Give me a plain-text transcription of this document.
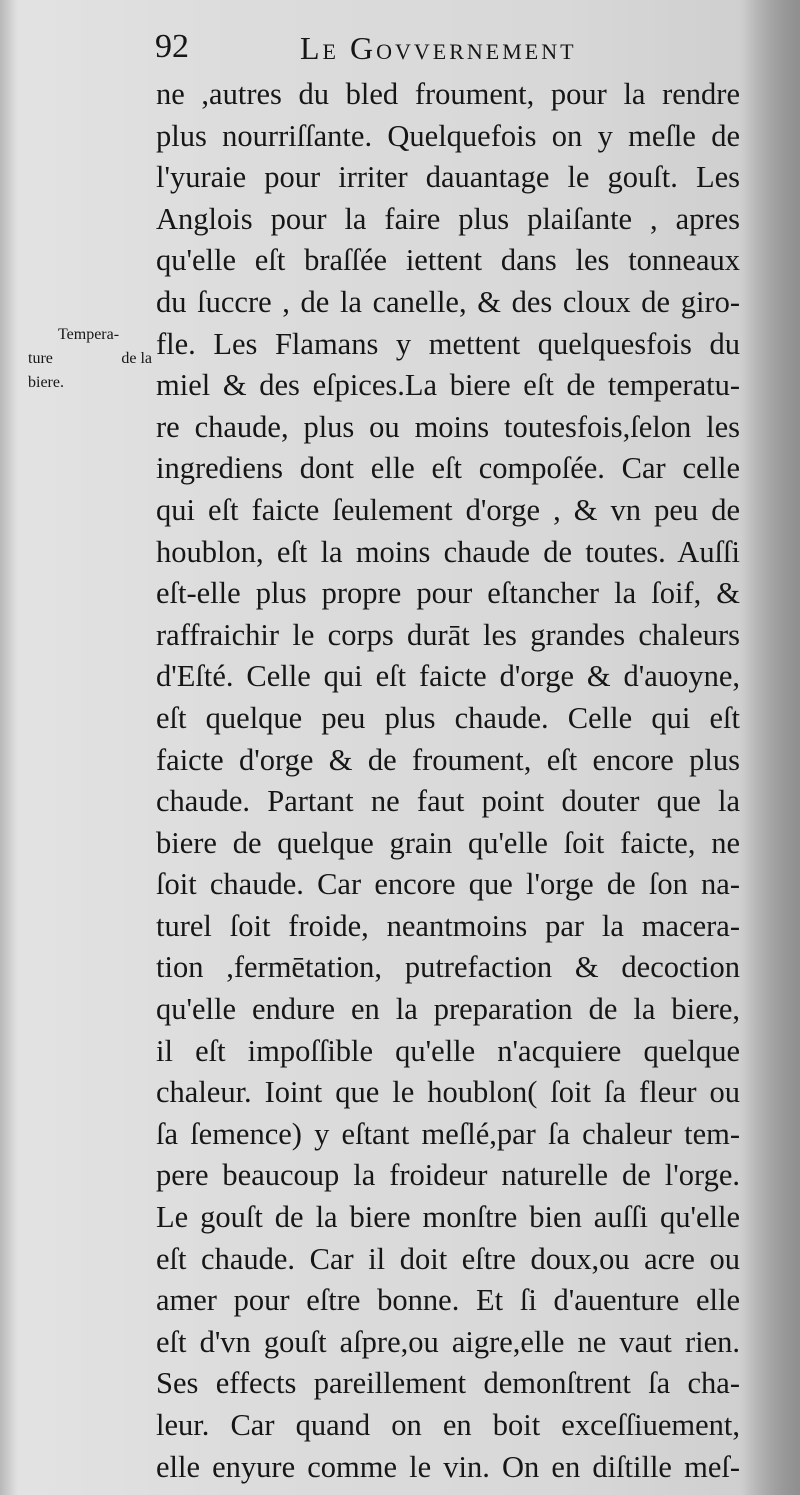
92	Le Govvernement
Tempera-
ture	de la
biere.
ne ,autres du bled froument, pour la rendre
plus nourriſſante. Quelquefois on y meſle de
l'yuraie pour irriter dauantage le gouſt. Les
Anglois pour la faire plus plaiſante , apres
qu'elle eſt braſſée iettent dans les tonneaux
du ſuccre , de la canelle, & des cloux de giro-
fle. Les Flamans y mettent quelquesfois du
miel & des eſpices.La biere eſt de temperatu-
re chaude, plus ou moins toutesfois,ſelon les
ingrediens dont elle eſt compoſée. Car celle
qui eſt faicte ſeulement d'orge , & vn peu de
houblon, eſt la moins chaude de toutes. Auſſi
eſt-elle plus propre pour eſtancher la ſoif, &
raffraichir le corps durāt les grandes chaleurs
d'Eſté. Celle qui eſt faicte d'orge & d'auoyne,
eſt quelque peu plus chaude. Celle qui eſt
faicte d'orge & de froument, eſt encore plus
chaude. Partant ne faut point douter que la
biere de quelque grain qu'elle ſoit faicte, ne
ſoit chaude. Car encore que l'orge de ſon na-
turel ſoit froide, neantmoins par la macera-
tion ,fermētation, putrefaction & decoction
qu'elle endure en la preparation de la biere,
il eſt impoſſible qu'elle n'acquiere quelque
chaleur. Ioint que le houblon( ſoit ſa fleur ou
ſa ſemence) y eſtant meſlé,par ſa chaleur tem-
pere beaucoup la froideur naturelle de l'orge.
Le gouſt de la biere monſtre bien auſſi qu'elle
eſt chaude. Car il doit eſtre doux,ou acre ou
amer pour eſtre bonne. Et ſi d'auenture elle
eſt d'vn gouſt aſpre,ou aigre,elle ne vaut rien.
Ses effects pareillement demonſtrent ſa cha-
leur. Car quand on en boit exceſſiuement,
elle enyure comme le vin. On en diſtille meſ-
